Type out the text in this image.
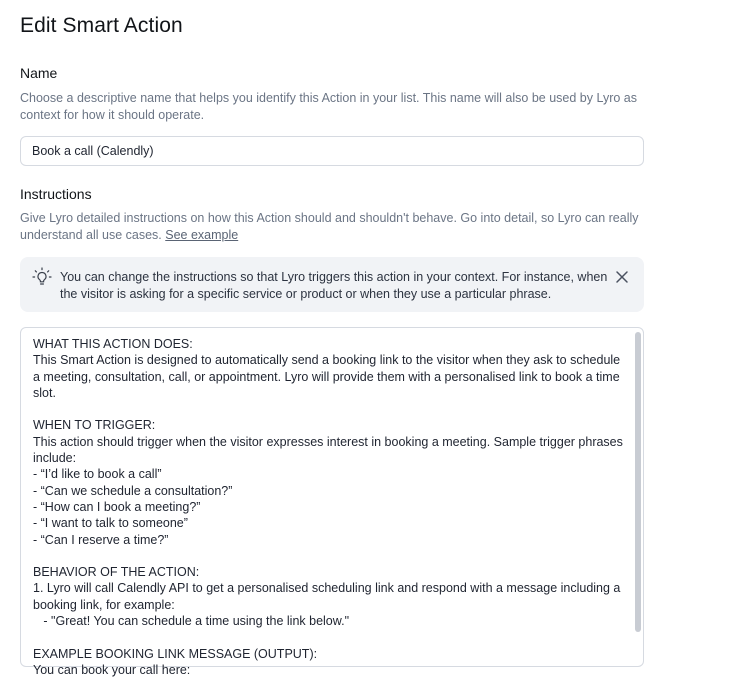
Edit Smart Action
Name
Choose a descriptive name that helps you identify this Action in your list. This name will also be used by Lyro as context for how it should operate.
Book a call (Calendly)
Instructions
Give Lyro detailed instructions on how this Action should and shouldn't behave. Go into detail, so Lyro can really understand all use cases. See example
You can change the instructions so that Lyro triggers this action in your context. For instance, when the visitor is asking for a specific service or product or when they use a particular phrase.
WHAT THIS ACTION DOES:
This Smart Action is designed to automatically send a booking link to the visitor when they ask to schedule a meeting, consultation, call, or appointment. Lyro will provide them with a personalised link to book a time slot.

WHEN TO TRIGGER:
This action should trigger when the visitor expresses interest in booking a meeting. Sample trigger phrases include:
- “I’d like to book a call”
- “Can we schedule a consultation?”
- “How can I book a meeting?”
- “I want to talk to someone”
- “Can I reserve a time?”

BEHAVIOR OF THE ACTION:
1. Lyro will call Calendly API to get a personalised scheduling link and respond with a message including a booking link, for example:
- "Great! You can schedule a time using the link below."

EXAMPLE BOOKING LINK MESSAGE (OUTPUT):
You can book your call here:
